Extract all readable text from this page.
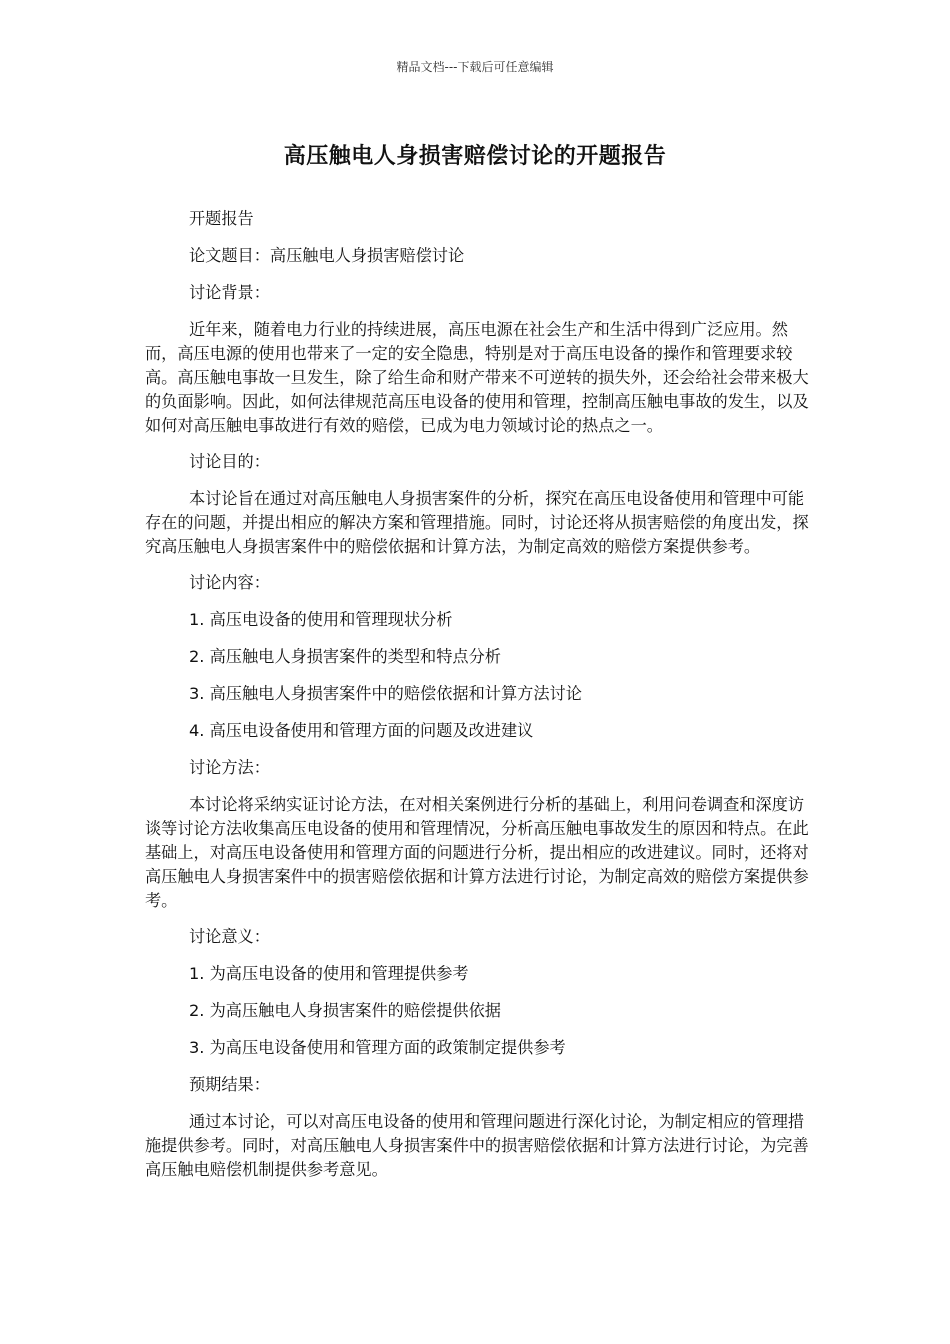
精品文档---下载后可任意编辑
高压触电人身损害赔偿讨论的开题报告

开题报告

论文题目：高压触电人身损害赔偿讨论

讨论背景：

近年来，随着电力行业的持续进展，高压电源在社会生产和生活中得到广泛应用。然而，高压电源的使用也带来了一定的安全隐患，特别是对于高压电设备的操作和管理要求较高。高压触电事故一旦发生，除了给生命和财产带来不可逆转的损失外，还会给社会带来极大的负面影响。因此，如何法律规范高压电设备的使用和管理，控制高压触电事故的发生，以及如何对高压触电事故进行有效的赔偿，已成为电力领域讨论的热点之一。

讨论目的：

本讨论旨在通过对高压触电人身损害案件的分析，探究在高压电设备使用和管理中可能存在的问题，并提出相应的解决方案和管理措施。同时，讨论还将从损害赔偿的角度出发，探究高压触电人身损害案件中的赔偿依据和计算方法，为制定高效的赔偿方案提供参考。

讨论内容：

1. 高压电设备的使用和管理现状分析

2. 高压触电人身损害案件的类型和特点分析

3. 高压触电人身损害案件中的赔偿依据和计算方法讨论

4. 高压电设备使用和管理方面的问题及改进建议

讨论方法：

本讨论将采纳实证讨论方法，在对相关案例进行分析的基础上，利用问卷调查和深度访谈等讨论方法收集高压电设备的使用和管理情况，分析高压触电事故发生的原因和特点。在此基础上，对高压电设备使用和管理方面的问题进行分析，提出相应的改进建议。同时，还将对高压触电人身损害案件中的损害赔偿依据和计算方法进行讨论，为制定高效的赔偿方案提供参考。

讨论意义：

1. 为高压电设备的使用和管理提供参考

2. 为高压触电人身损害案件的赔偿提供依据

3. 为高压电设备使用和管理方面的政策制定提供参考

预期结果：

通过本讨论，可以对高压电设备的使用和管理问题进行深化讨论，为制定相应的管理措施提供参考。同时，对高压触电人身损害案件中的损害赔偿依据和计算方法进行讨论，为完善高压触电赔偿机制提供参考意见。
